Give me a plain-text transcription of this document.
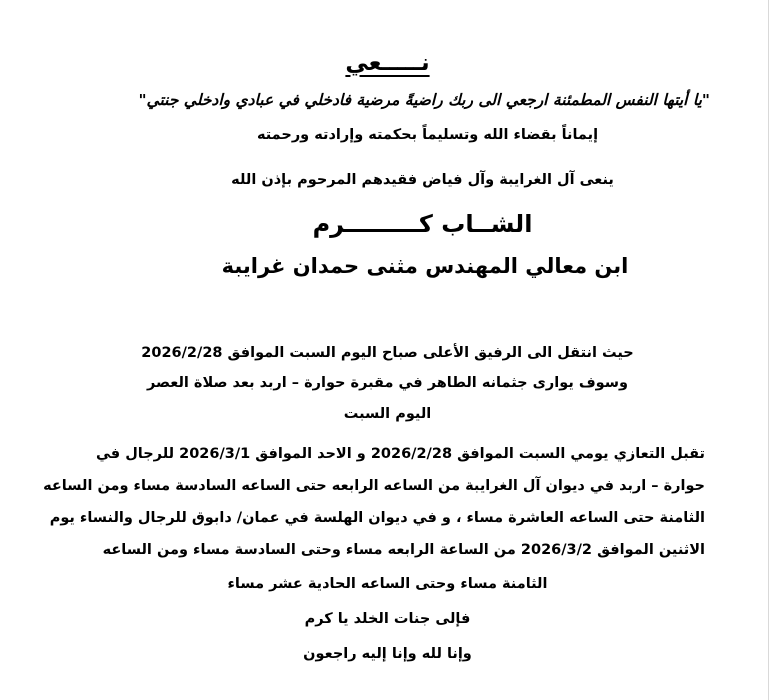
نـــــعي
"يا أيتها النفس المطمئنة ارجعي الى ربك راضيةً مرضية فادخلي في عبادي وادخلي جنتي"
إيماناً بقضاء الله وتسليماً بحكمته وإرادته ورحمته
ينعى آل الغرايبة وآل فياض فقيدهم المرحوم بإذن الله
الشــاب كـــــــــرم
ابن معالي المهندس مثنى حمدان غرايبة
حيث انتقل الى الرفيق الأعلى صباح اليوم السبت الموافق 2026/2/28
وسوف يوارى جثمانه الطاهر في مقبرة حوارة – اربد بعد صلاة العصر
اليوم السبت
تقبل التعازي يومي السبت الموافق 2026/2/28 و الاحد الموافق 2026/3/1 للرجال في
حوارة – اربد في ديوان آل الغرايبة من الساعه الرابعه حتى الساعه السادسة مساء ومن الساعه
الثامنة حتى الساعه العاشرة مساء ، و في ديوان الهلسة في عمان/ دابوق للرجال والنساء يوم
الاثنين الموافق 2026/3/2 من الساعة الرابعه مساء وحتى السادسة مساء ومن الساعه
الثامنة مساء وحتى الساعه الحادية عشر مساء
فإلى جنات الخلد يا كرم
وإنا لله وإنا إليه راجعون
